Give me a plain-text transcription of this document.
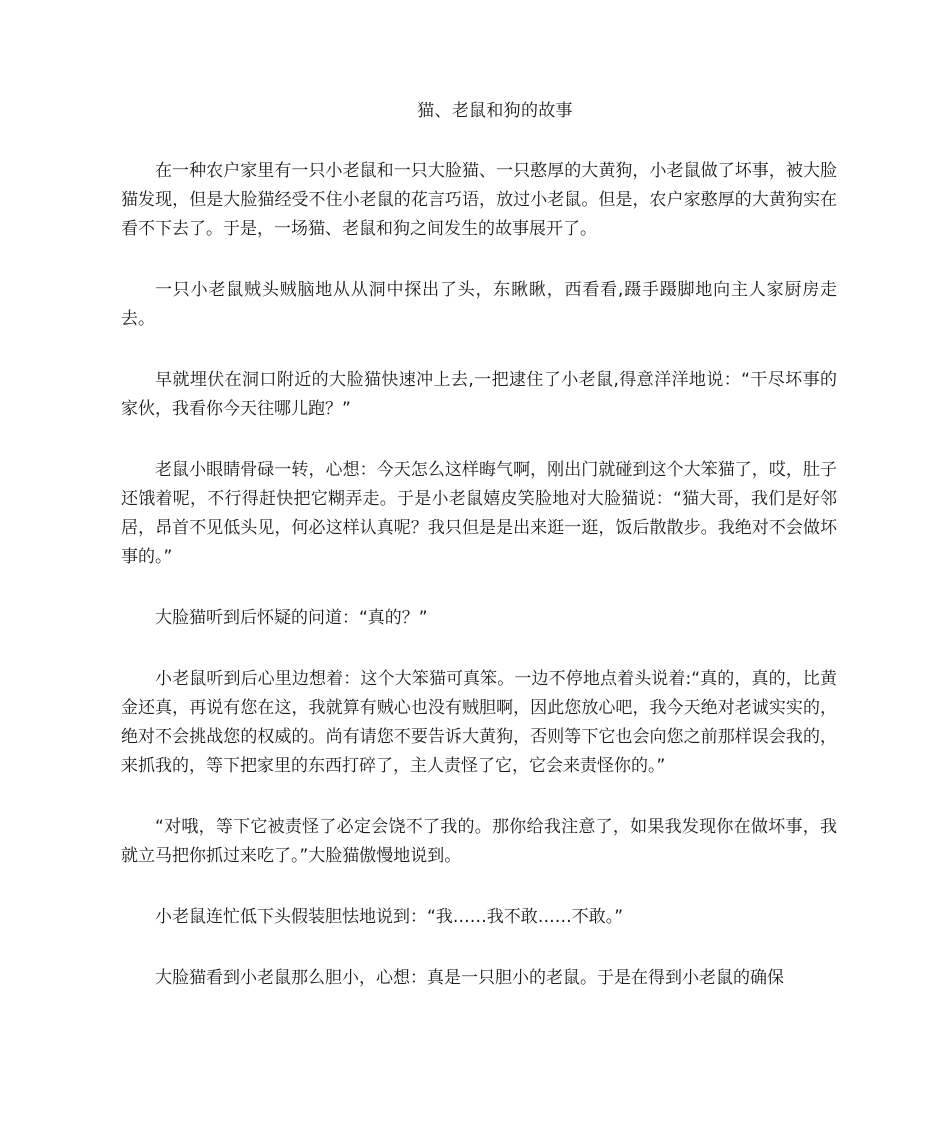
猫、老鼠和狗的故事

在一种农户家里有一只小老鼠和一只大脸猫、一只憨厚的大黄狗，小老鼠做了坏事，被大脸猫发现，但是大脸猫经受不住小老鼠的花言巧语，放过小老鼠。但是，农户家憨厚的大黄狗实在看不下去了。于是，一场猫、老鼠和狗之间发生的故事展开了。

一只小老鼠贼头贼脑地从从洞中探出了头，东瞅瞅，西看看,蹑手蹑脚地向主人家厨房走去。

早就埋伏在洞口附近的大脸猫快速冲上去,一把逮住了小老鼠,得意洋洋地说：“干尽坏事的家伙，我看你今天往哪儿跑？”

老鼠小眼睛骨碌一转，心想：今天怎么这样晦气啊，刚出门就碰到这个大笨猫了，哎，肚子还饿着呢，不行得赶快把它糊弄走。于是小老鼠嬉皮笑脸地对大脸猫说：“猫大哥，我们是好邻居，昂首不见低头见，何必这样认真呢？我只但是是出来逛一逛，饭后散散步。我绝对不会做坏事的。”

大脸猫听到后怀疑的问道：“真的？”

小老鼠听到后心里边想着：这个大笨猫可真笨。一边不停地点着头说着:“真的，真的，比黄金还真，再说有您在这，我就算有贼心也没有贼胆啊，因此您放心吧，我今天绝对老诚实实的，绝对不会挑战您的权威的。尚有请您不要告诉大黄狗，否则等下它也会向您之前那样误会我的，来抓我的，等下把家里的东西打碎了，主人责怪了它，它会来责怪你的。”

“对哦，等下它被责怪了必定会饶不了我的。那你给我注意了，如果我发现你在做坏事，我就立马把你抓过来吃了。”大脸猫傲慢地说到。

小老鼠连忙低下头假装胆怯地说到：“我……我不敢……不敢。”

大脸猫看到小老鼠那么胆小，心想：真是一只胆小的老鼠。于是在得到小老鼠的确保
